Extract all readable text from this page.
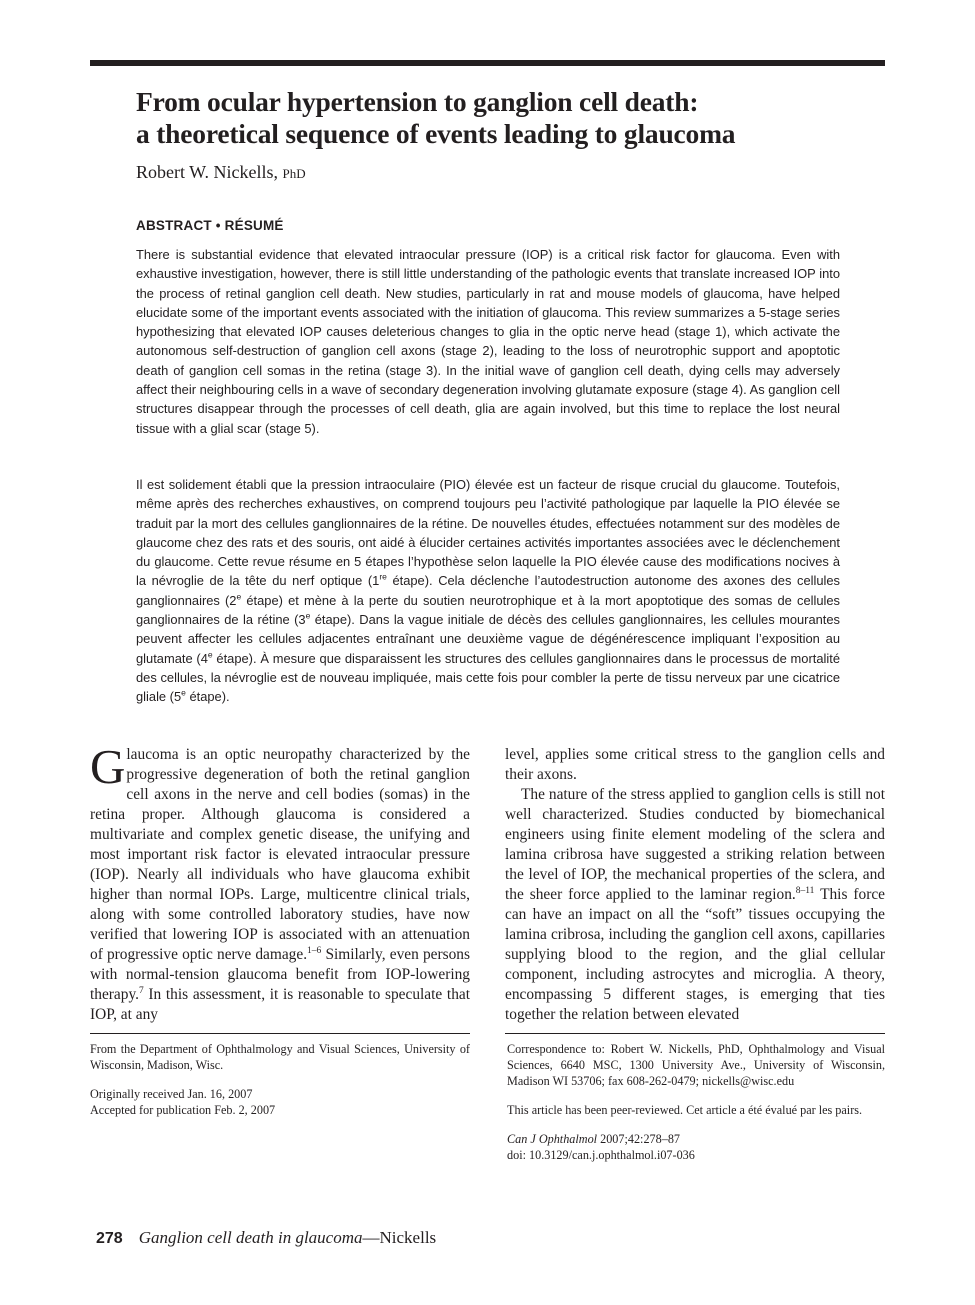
From ocular hypertension to ganglion cell death:
a theoretical sequence of events leading to glaucoma
Robert W. Nickells, PhD
ABSTRACT • RÉSUMÉ

There is substantial evidence that elevated intraocular pressure (IOP) is a critical risk factor for glaucoma. Even with exhaustive investigation, however, there is still little understanding of the pathologic events that translate increased IOP into the process of retinal ganglion cell death. New studies, particularly in rat and mouse models of glaucoma, have helped elucidate some of the important events associated with the initiation of glaucoma. This review summarizes a 5-stage series hypothesizing that elevated IOP causes deleterious changes to glia in the optic nerve head (stage 1), which activate the autonomous self-destruction of ganglion cell axons (stage 2), leading to the loss of neurotrophic support and apoptotic death of ganglion cell somas in the retina (stage 3). In the initial wave of ganglion cell death, dying cells may adversely affect their neighbouring cells in a wave of secondary degeneration involving glutamate exposure (stage 4). As ganglion cell structures disappear through the processes of cell death, glia are again involved, but this time to replace the lost neural tissue with a glial scar (stage 5).

Il est solidement établi que la pression intraoculaire (PIO) élevée est un facteur de risque crucial du glaucome. Toutefois, même après des recherches exhaustives, on comprend toujours peu l’activité pathologique par laquelle la PIO élevée se traduit par la mort des cellules ganglionnaires de la rétine. De nouvelles études, effectuées notamment sur des modèles de glaucome chez des rats et des souris, ont aidé à élucider certaines activités importantes associées avec le déclenchement du glaucome. Cette revue résume en 5 étapes l’hypothèse selon laquelle la PIO élevée cause des modifications nocives à la névroglie de la tête du nerf optique (1re étape). Cela déclenche l’autodestruction autonome des axones des cellules ganglionnaires (2e étape) et mène à la perte du soutien neurotrophique et à la mort apoptotique des somas de cellules ganglionnaires de la rétine (3e étape). Dans la vague initiale de décès des cellules ganglionnaires, les cellules mourantes peuvent affecter les cellules adjacentes entraînant une deuxième vague de dégénérescence impliquant l’exposition au glutamate (4e étape). À mesure que disparaissent les structures des cellules ganglionnaires dans le processus de mortalité des cellules, la névroglie est de nouveau impliquée, mais cette fois pour combler la perte de tissu nerveux par une cicatrice gliale (5e étape).

Glaucoma is an optic neuropathy characterized by the progressive degeneration of both the retinal ganglion cell axons in the nerve and cell bodies (somas) in the retina proper. Although glaucoma is considered a multivariate and complex genetic disease, the unifying and most important risk factor is elevated intraocular pressure (IOP). Nearly all individuals who have glaucoma exhibit higher than normal IOPs. Large, multicentre clinical trials, along with some controlled laboratory studies, have now verified that lowering IOP is associated with an attenuation of progressive optic nerve damage.$^{1-6}$ Similarly, even persons with normal-tension glaucoma benefit from IOP-lowering therapy.$^7$ In this assessment, it is reasonable to speculate that IOP, at any

level, applies some critical stress to the ganglion cells and their axons.

The nature of the stress applied to ganglion cells is still not well characterized. Studies conducted by biomechanical engineers using finite element modeling of the sclera and lamina cribrosa have suggested a striking relation between the level of IOP, the mechanical properties of the sclera, and the sheer force applied to the laminar region.$^{8-11}$ This force can have an impact on all the “soft” tissues occupying the lamina cribrosa, including the ganglion cell axons, capillaries supplying blood to the region, and the glial cellular component, including astrocytes and microglia. A theory, encompassing 5 different stages, is emerging that ties together the relation between elevated

From the Department of Ophthalmology and Visual Sciences, University of Wisconsin, Madison, Wisc.

Originally received Jan. 16, 2007
Accepted for publication Feb. 2, 2007

Correspondence to: Robert W. Nickells, PhD, Ophthalmology and Visual Sciences, 6640 MSC, 1300 University Ave., University of Wisconsin, Madison WI 53706; fax 608-262-0479; nickells@wisc.edu

This article has been peer-reviewed. Cet article a été évalué par les pairs.

Can J Ophthalmol 2007;42:278–87
doi: 10.3129/can.j.ophthalmol.i07-036

278 Ganglion cell death in glaucoma—Nickells
